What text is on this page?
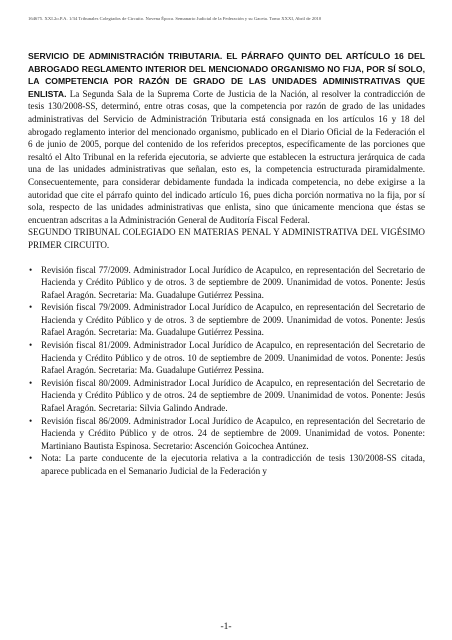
164675. XXI.2o.P.A. 1/34 Tribunales Colegiados de Circuito. Novena Época. Semanario Judicial de la Federación y su Gaceta. Tomo XXXI, Abril de 2010

SERVICIO DE ADMINISTRACIÓN TRIBUTARIA. EL PÁRRAFO QUINTO DEL ARTÍCULO 16 DEL ABROGADO REGLAMENTO INTERIOR DEL MENCIONADO ORGANISMO NO FIJA, POR SÍ SOLO, LA COMPETENCIA POR RAZÓN DE GRADO DE LAS UNIDADES ADMINISTRATIVAS QUE ENLISTA. La Segunda Sala de la Suprema Corte de Justicia de la Nación, al resolver la contradicción de tesis 130/2008-SS, determinó, entre otras cosas, que la competencia por razón de grado de las unidades administrativas del Servicio de Administración Tributaria está consignada en los artículos 16 y 18 del abrogado reglamento interior del mencionado organismo, publicado en el Diario Oficial de la Federación el 6 de junio de 2005, porque del contenido de los referidos preceptos, específicamente de las porciones que resaltó el Alto Tribunal en la referida ejecutoria, se advierte que establecen la estructura jerárquica de cada una de las unidades administrativas que señalan, esto es, la competencia estructurada piramidalmente. Consecuentemente, para considerar debidamente fundada la indicada competencia, no debe exigirse a la autoridad que cite el párrafo quinto del indicado artículo 16, pues dicha porción normativa no la fija, por sí sola, respecto de las unidades administrativas que enlista, sino que únicamente menciona que éstas se encuentran adscritas a la Administración General de Auditoría Fiscal Federal.

SEGUNDO TRIBUNAL COLEGIADO EN MATERIAS PENAL Y ADMINISTRATIVA DEL VIGÉSIMO PRIMER CIRCUITO.

• Revisión fiscal 77/2009. Administrador Local Jurídico de Acapulco, en representación del Secretario de Hacienda y Crédito Público y de otros. 3 de septiembre de 2009. Unanimidad de votos. Ponente: Jesús Rafael Aragón. Secretaria: Ma. Guadalupe Gutiérrez Pessina.
• Revisión fiscal 79/2009. Administrador Local Jurídico de Acapulco, en representación del Secretario de Hacienda y Crédito Público y de otros. 3 de septiembre de 2009. Unanimidad de votos. Ponente: Jesús Rafael Aragón. Secretaria: Ma. Guadalupe Gutiérrez Pessina.
• Revisión fiscal 81/2009. Administrador Local Jurídico de Acapulco, en representación del Secretario de Hacienda y Crédito Público y de otros. 10 de septiembre de 2009. Unanimidad de votos. Ponente: Jesús Rafael Aragón. Secretaria: Ma. Guadalupe Gutiérrez Pessina.
• Revisión fiscal 80/2009. Administrador Local Jurídico de Acapulco, en representación del Secretario de Hacienda y Crédito Público y de otros. 24 de septiembre de 2009. Unanimidad de votos. Ponente: Jesús Rafael Aragón. Secretaria: Silvia Galindo Andrade.
• Revisión fiscal 86/2009. Administrador Local Jurídico de Acapulco, en representación del Secretario de Hacienda y Crédito Público y de otros. 24 de septiembre de 2009. Unanimidad de votos. Ponente: Martiniano Bautista Espinosa. Secretario: Ascención Goicochea Antúnez.
• Nota: La parte conducente de la ejecutoria relativa a la contradicción de tesis 130/2008-SS citada, aparece publicada en el Semanario Judicial de la Federación y
-1-
